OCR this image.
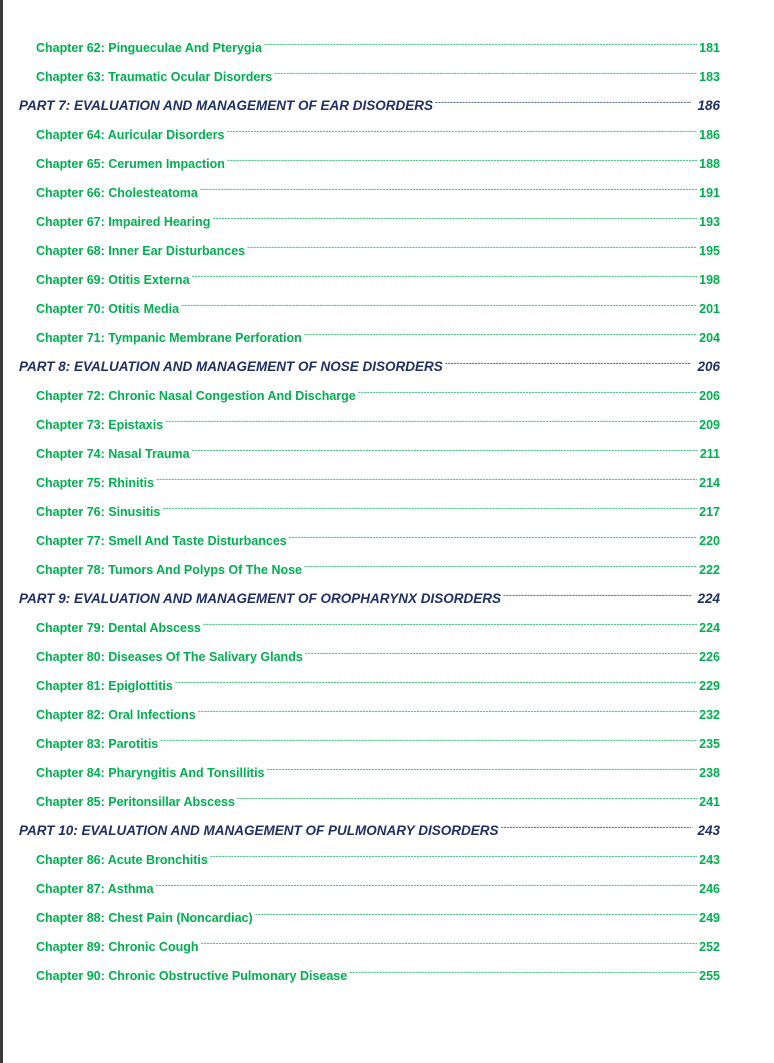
Chapter 62: Pingueculae And Pterygia -----	181
Chapter 63: Traumatic Ocular Disorders -----	183
PART 7: EVALUATION AND MANAGEMENT OF EAR DISORDERS -----	186
Chapter 64: Auricular Disorders -----	186
Chapter 65: Cerumen Impaction -----	188
Chapter 66: Cholesteatoma -----	191
Chapter 67: Impaired Hearing -----	193
Chapter 68: Inner Ear Disturbances -----	195
Chapter 69: Otitis Externa -----	198
Chapter 70: Otitis Media -----	201
Chapter 71: Tympanic Membrane Perforation -----	204
PART 8: EVALUATION AND MANAGEMENT OF NOSE DISORDERS -----	206
Chapter 72: Chronic Nasal Congestion And Discharge -----	206
Chapter 73: Epistaxis -----	209
Chapter 74: Nasal Trauma -----	211
Chapter 75: Rhinitis -----	214
Chapter 76: Sinusitis -----	217
Chapter 77: Smell And Taste Disturbances -----	220
Chapter 78: Tumors And Polyps Of The Nose -----	222
PART 9: EVALUATION AND MANAGEMENT OF OROPHARYNX DISORDERS -----	224
Chapter 79: Dental Abscess -----	224
Chapter 80: Diseases Of The Salivary Glands -----	226
Chapter 81: Epiglottitis -----	229
Chapter 82: Oral Infections -----	232
Chapter 83: Parotitis -----	235
Chapter 84: Pharyngitis And Tonsillitis -----	238
Chapter 85: Peritonsillar Abscess -----	241
PART 10: EVALUATION AND MANAGEMENT OF PULMONARY DISORDERS -----	243
Chapter 86: Acute Bronchitis -----	243
Chapter 87: Asthma -----	246
Chapter 88: Chest Pain (Noncardiac) -----	249
Chapter 89: Chronic Cough -----	252
Chapter 90: Chronic Obstructive Pulmonary Disease -----	255
